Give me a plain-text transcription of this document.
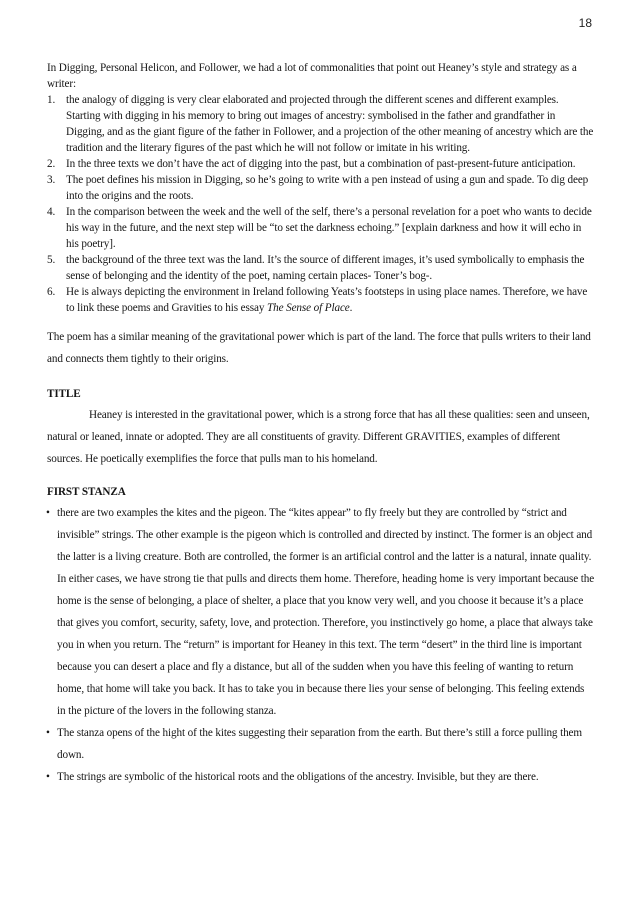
18
In Digging, Personal Helicon, and Follower, we had a lot of commonalities that point out Heaney’s style and strategy as a writer:
1. the analogy of digging is very clear elaborated and projected through the different scenes and different examples. Starting with digging in his memory to bring out images of ancestry: symbolised in the father and grandfather in Digging, and as the giant figure of the father in Follower, and a projection of the other meaning of ancestry which are the tradition and the literary figures of the past which he will not follow or imitate in his writing.
2. In the three texts we don’t have the act of digging into the past, but a combination of past-present-future anticipation.
3. The poet defines his mission in Digging, so he’s going to write with a pen instead of using a gun and spade. To dig deep into the origins and the roots.
4. In the comparison between the week and the well of the self, there’s a personal revelation for a poet who wants to decide his way in the future, and the next step will be “to set the darkness echoing.” [explain darkness and how it will echo in his poetry].
5. the background of the three text was the land. It’s the source of different images, it’s used symbolically to emphasis the sense of belonging and the identity of the poet, naming certain places- Toner’s bog-.
6. He is always depicting the environment in Ireland following Yeats’s footsteps in using place names. Therefore, we have to link these poems and Gravities to his essay The Sense of Place.
The poem has a similar meaning of the gravitational power which is part of the land. The force that pulls writers to their land and connects them tightly to their origins.
TITLE
Heaney is interested in the gravitational power, which is a strong force that has all these qualities: seen and unseen, natural or leaned, innate or adopted. They are all constituents of gravity. Different GRAVITIES, examples of different sources. He poetically exemplifies the force that pulls man to his homeland.
FIRST STANZA
• there are two examples the kites and the pigeon. The “kites appear” to fly freely but they are controlled by “strict and invisible” strings. The other example is the pigeon which is controlled and directed by instinct. The former is an object and the latter is a living creature. Both are controlled, the former is an artificial control and the latter is a natural, innate quality. In either cases, we have strong tie that pulls and directs them home. Therefore, heading home is very important because the home is the sense of belonging, a place of shelter, a place that you know very well, and you choose it because it’s a place that gives you comfort, security, safety, love, and protection. Therefore, you instinctively go home, a place that always take you in when you return. The “return” is important for Heaney in this text. The term “desert” in the third line is important because you can desert a place and fly a distance, but all of the sudden when you have this feeling of wanting to return home, that home will take you back. It has to take you in because there lies your sense of belonging. This feeling extends in the picture of the lovers in the following stanza.
• The stanza opens of the hight of the kites suggesting their separation from the earth. But there’s still a force pulling them down.
• The strings are symbolic of the historical roots and the obligations of the ancestry. Invisible, but they are there.
